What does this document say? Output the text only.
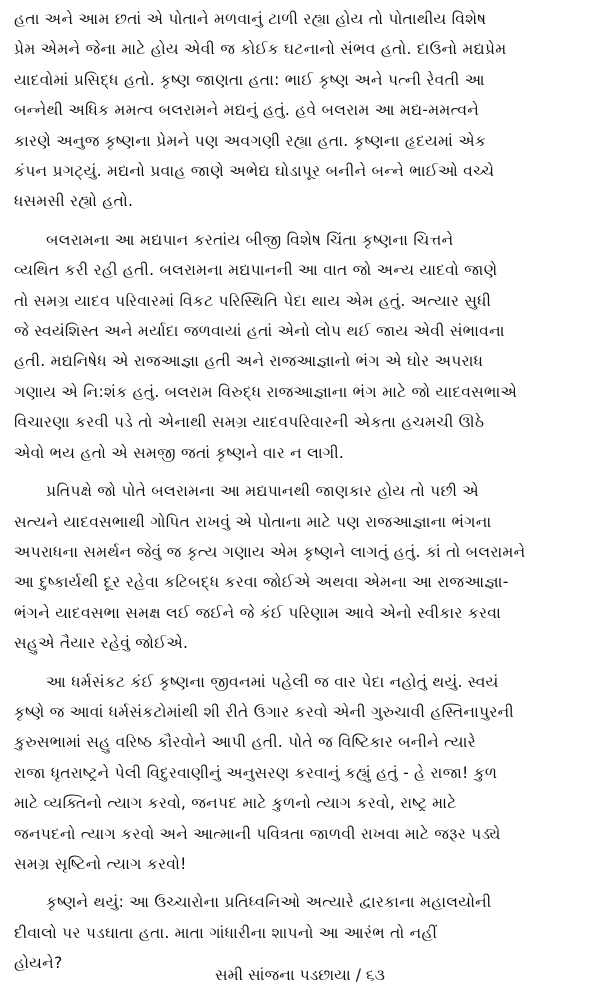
હતા અને આમ છતાં એ પોતાને મળવાનું ટાળી રહ્યા હોય તો પોતાથીય વિશેષ
પ્રેમ એમને જેના માટે હોય એવી જ કોઈક ઘટનાનો સંભવ હતો. દાઉનો મદ્યપ્રેમ
યાદવોમાં પ્રસિદ્ધ હતો. કૃષ્ણ જાણતા હતા: ભાઈ કૃષ્ણ અને પત્ની રેવતી આ
બન્નેથી અધિક મમત્વ બલરામને મદ્યનું હતું. હવે બલરામ આ મદ્ય-મમત્વને
કારણે અનુજ કૃષ્ણના પ્રેમને પણ અવગણી રહ્યા હતા. કૃષ્ણના હૃદયમાં એક
કંપન પ્રગટ્યું. મદ્યનો પ્રવાહ જાણે અભેદ્ય ઘોડાપૂર બનીને બન્ને ભાઈઓ વચ્ચે
ધસમસી રહ્યો હતો.

બલરામના આ મદ્યપાન કરતાંય બીજી વિશેષ ચિંતા કૃષ્ણના ચિત્તને
વ્યથિત કરી રહી હતી. બલરામના મદ્યપાનની આ વાત જો અન્ય યાદવો જાણે
તો સમગ્ર યાદવ પરિવારમાં વિકટ પરિસ્થિતિ પેદા થાય એમ હતું. અત્યાર સુધી
જે સ્વયંશિસ્ત અને મર્યાદા જળવાયાં હતાં એનો લોપ થઈ જાય એવી સંભાવના
હતી. મદ્યનિષેધ એ રાજઆજ્ઞા હતી અને રાજઆજ્ઞાનો ભંગ એ ઘોર અપરાધ
ગણાય એ નિ:શંક હતું. બલરામ વિરુદ્ધ રાજઆજ્ઞાના ભંગ માટે જો યાદવસભાએ
વિચારણા કરવી પડે તો એનાથી સમગ્ર યાદવપરિવારની એકતા હચમચી ઊઠે
એવો ભય હતો એ સમજી જતાં કૃષ્ણને વાર ન લાગી.

પ્રતિપક્ષે જો પોતે બલરામના આ મદ્યપાનથી જાણકાર હોય તો પછી એ
સત્યને યાદવસભાથી ગોપિત રાખવું એ પોતાના માટે પણ રાજઆજ્ઞાના ભંગના
અપરાધના સમર્થન જેવું જ કૃત્ય ગણાય એમ કૃષ્ણને લાગતું હતું. કાં તો બલરામને
આ દુષ્કાર્યથી દૂર રહેવા કટિબદ્ધ કરવા જોઈએ અથવા એમના આ રાજઆજ્ઞા-
ભંગને યાદવસભા સમક્ષ લઈ જઈને જે કંઈ પરિણામ આવે એનો સ્વીકાર કરવા
સહુએ તૈયાર રહેવું જોઈએ.

આ ધર્મસંકટ કંઈ કૃષ્ણના જીવનમાં પહેલી જ વાર પેદા નહોતું થયું. સ્વયં
કૃષ્ણે જ આવાં ધર્મસંકટોમાંથી શી રીતે ઉગાર કરવો એની ગુરુચાવી હસ્તિનાપુરની
કુરુસભામાં સહુ વરિષ્ઠ કૌરવોને આપી હતી. પોતે જ વિષ્ટિકાર બનીને ત્યારે
રાજા ધૃતરાષ્ટ્રને પેલી વિદુરવાણીનું અનુસરણ કરવાનું કહ્યું હતું - હે રાજા! કુળ
માટે વ્યક્તિનો ત્યાગ કરવો, જનપદ માટે કુળનો ત્યાગ કરવો, રાષ્ટ્ર માટે
જનપદનો ત્યાગ કરવો અને આત્માની પવિત્રતા જાળવી રાખવા માટે જરૂર પડ્યે
સમગ્ર સૃષ્ટિનો ત્યાગ કરવો!

કૃષ્ણને થયું: આ ઉચ્ચારોના પ્રતિધ્વનિઓ અત્યારે દ્વારકાના મહાલયોની
દીવાલો પર પડઘાતા હતા. માતા ગાંધારીના શાપનો આ આરંભ તો નહીં
હોયને?

સમી સાંજના પડછાયા / ૬૩
